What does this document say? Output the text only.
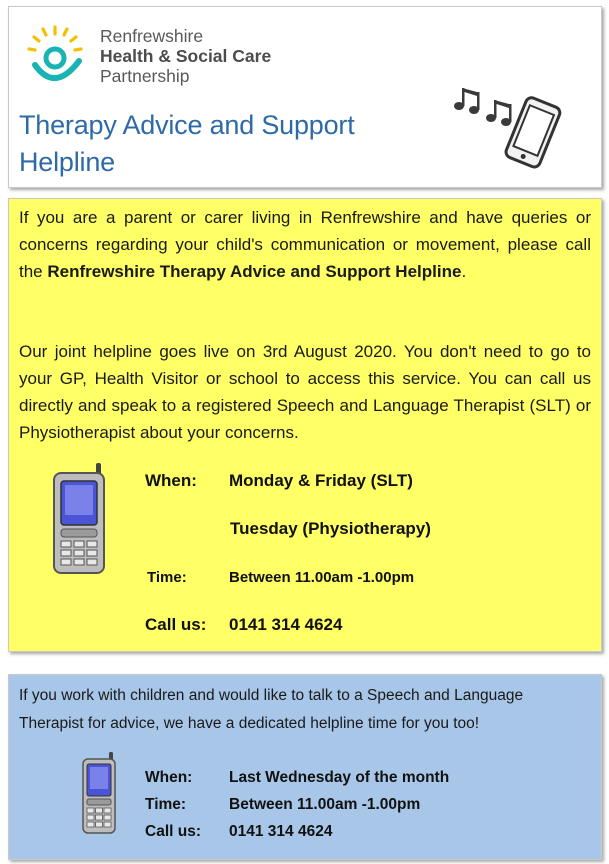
Renfrewshire
Health & Social Care
Partnership
Therapy Advice and Support
Helpline
If you are a parent or carer living in Renfrewshire and have queries or concerns regarding your child's communication or movement, please call the Renfrewshire Therapy Advice and Support Helpline.
Our joint helpline goes live on 3rd August 2020. You don't need to go to your GP, Health Visitor or school to access this service. You can call us directly and speak to a registered Speech and Language Therapist (SLT) or Physiotherapist about your concerns.
When: Monday & Friday (SLT)
Tuesday (Physiotherapy)
Time:	Between 11.00am -1.00pm
Call us: 0141 314 4624
If you work with children and would like to talk to a Speech and Language Therapist for advice, we have a dedicated helpline time for you too!
When: Last Wednesday of the month
Time:	Between 11.00am -1.00pm
Call us: 0141 314 4624
